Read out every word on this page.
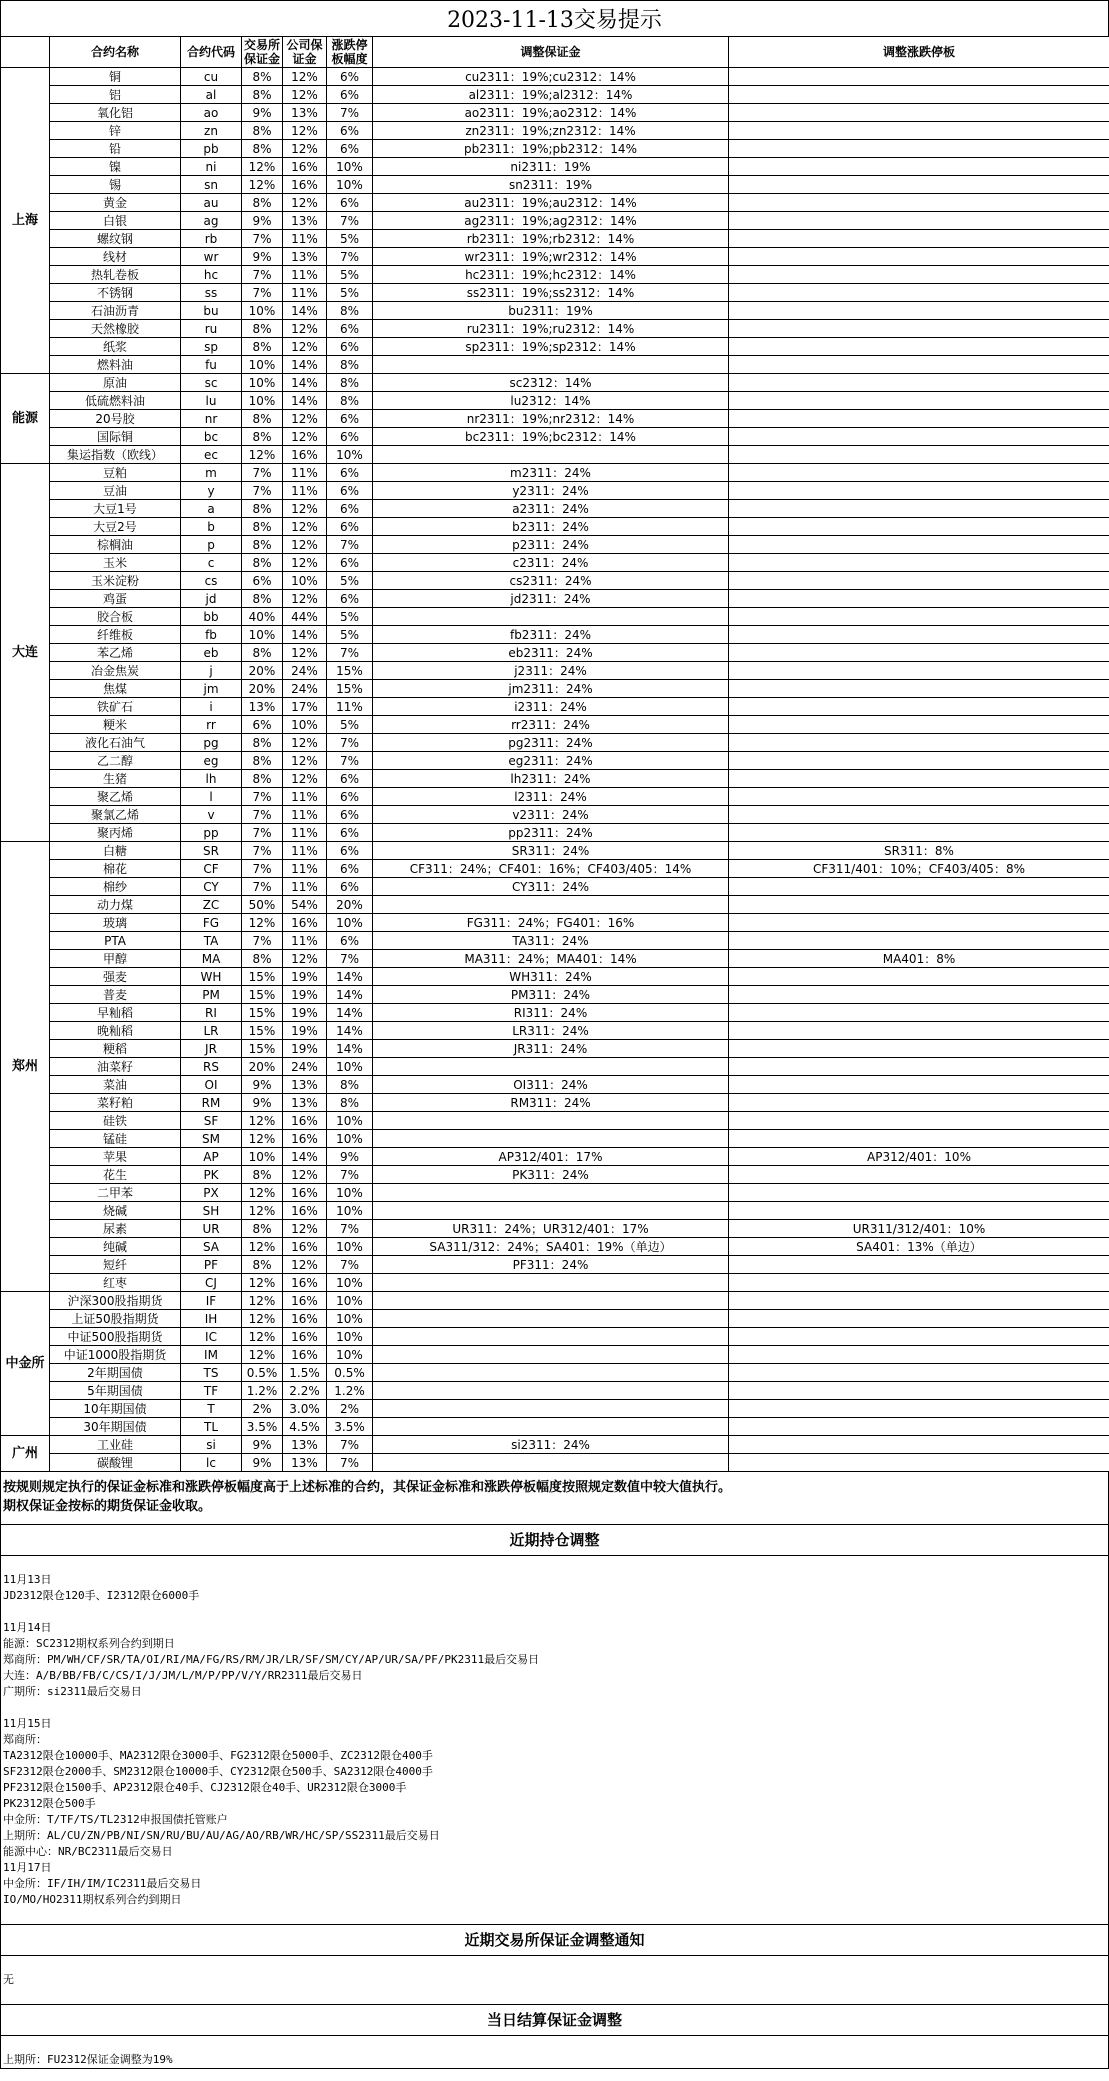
2023-11-13交易提示
	合约名称	合约代码	交易所保证金	公司保证金	涨跌停板幅度	调整保证金	调整涨跌停板
上海	铜	cu	8%	12%	6%	cu2311：19%;cu2312：14%	
	铝	al	8%	12%	6%	al2311：19%;al2312：14%	
	氧化铝	ao	9%	13%	7%	ao2311：19%;ao2312：14%	
	锌	zn	8%	12%	6%	zn2311：19%;zn2312：14%	
	铅	pb	8%	12%	6%	pb2311：19%;pb2312：14%	
	镍	ni	12%	16%	10%	ni2311：19%	
	锡	sn	12%	16%	10%	sn2311：19%	
	黄金	au	8%	12%	6%	au2311：19%;au2312：14%	
	白银	ag	9%	13%	7%	ag2311：19%;ag2312：14%	
	螺纹钢	rb	7%	11%	5%	rb2311：19%;rb2312：14%	
	线材	wr	9%	13%	7%	wr2311：19%;wr2312：14%	
	热轧卷板	hc	7%	11%	5%	hc2311：19%;hc2312：14%	
	不锈钢	ss	7%	11%	5%	ss2311：19%;ss2312：14%	
	石油沥青	bu	10%	14%	8%	bu2311：19%	
	天然橡胶	ru	8%	12%	6%	ru2311：19%;ru2312：14%	
	纸浆	sp	8%	12%	6%	sp2311：19%;sp2312：14%	
	燃料油	fu	10%	14%	8%		
能源	原油	sc	10%	14%	8%	sc2312：14%	
	低硫燃料油	lu	10%	14%	8%	lu2312：14%	
	20号胶	nr	8%	12%	6%	nr2311：19%;nr2312：14%	
	国际铜	bc	8%	12%	6%	bc2311：19%;bc2312：14%	
	集运指数（欧线）	ec	12%	16%	10%		
大连	豆粕	m	7%	11%	6%	m2311：24%	
	豆油	y	7%	11%	6%	y2311：24%	
	大豆1号	a	8%	12%	6%	a2311：24%	
	大豆2号	b	8%	12%	6%	b2311：24%	
	棕榈油	p	8%	12%	7%	p2311：24%	
	玉米	c	8%	12%	6%	c2311：24%	
	玉米淀粉	cs	6%	10%	5%	cs2311：24%	
	鸡蛋	jd	8%	12%	6%	jd2311：24%	
	胶合板	bb	40%	44%	5%		
	纤维板	fb	10%	14%	5%	fb2311：24%	
	苯乙烯	eb	8%	12%	7%	eb2311：24%	
	冶金焦炭	j	20%	24%	15%	j2311：24%	
	焦煤	jm	20%	24%	15%	jm2311：24%	
	铁矿石	i	13%	17%	11%	i2311：24%	
	粳米	rr	6%	10%	5%	rr2311：24%	
	液化石油气	pg	8%	12%	7%	pg2311：24%	
	乙二醇	eg	8%	12%	7%	eg2311：24%	
	生猪	lh	8%	12%	6%	lh2311：24%	
	聚乙烯	l	7%	11%	6%	l2311：24%	
	聚氯乙烯	v	7%	11%	6%	v2311：24%	
	聚丙烯	pp	7%	11%	6%	pp2311：24%	
郑州	白糖	SR	7%	11%	6%	SR311：24%	SR311：8%
	棉花	CF	7%	11%	6%	CF311：24%；CF401：16%；CF403/405：14%	CF311/401：10%；CF403/405：8%
	棉纱	CY	7%	11%	6%	CY311：24%	
	动力煤	ZC	50%	54%	20%		
	玻璃	FG	12%	16%	10%	FG311：24%；FG401：16%	
	PTA	TA	7%	11%	6%	TA311：24%	
	甲醇	MA	8%	12%	7%	MA311：24%；MA401：14%	MA401：8%
	强麦	WH	15%	19%	14%	WH311：24%	
	普麦	PM	15%	19%	14%	PM311：24%	
	早籼稻	RI	15%	19%	14%	RI311：24%	
	晚籼稻	LR	15%	19%	14%	LR311：24%	
	粳稻	JR	15%	19%	14%	JR311：24%	
	油菜籽	RS	20%	24%	10%		
	菜油	OI	9%	13%	8%	OI311：24%	
	菜籽粕	RM	9%	13%	8%	RM311：24%	
	硅铁	SF	12%	16%	10%		
	锰硅	SM	12%	16%	10%		
	苹果	AP	10%	14%	9%	AP312/401：17%	AP312/401：10%
	花生	PK	8%	12%	7%	PK311：24%	
	二甲苯	PX	12%	16%	10%		
	烧碱	SH	12%	16%	10%		
	尿素	UR	8%	12%	7%	UR311：24%；UR312/401：17%	UR311/312/401：10%
	纯碱	SA	12%	16%	10%	SA311/312：24%；SA401：19%（单边）	SA401：13%（单边）
	短纤	PF	8%	12%	7%	PF311：24%	
	红枣	CJ	12%	16%	10%		
中金所	沪深300股指期货	IF	12%	16%	10%		
	上证50股指期货	IH	12%	16%	10%		
	中证500股指期货	IC	12%	16%	10%		
	中证1000股指期货	IM	12%	16%	10%		
	2年期国债	TS	0.5%	1.5%	0.5%		
	5年期国债	TF	1.2%	2.2%	1.2%		
	10年期国债	T	2%	3.0%	2%		
	30年期国债	TL	3.5%	4.5%	3.5%		
广州	工业硅	si	9%	13%	7%	si2311：24%	
	碳酸锂	lc	9%	13%	7%		
按规则规定执行的保证金标准和涨跌停板幅度高于上述标准的合约，其保证金标准和涨跌停板幅度按照规定数值中较大值执行。
期权保证金按标的期货保证金收取。
近期持仓调整
11月13日
JD2312限仓120手、I2312限仓6000手
11月14日
能源：SC2312期权系列合约到期日
郑商所：PM/WH/CF/SR/TA/OI/RI/MA/FG/RS/RM/JR/LR/SF/SM/CY/AP/UR/SA/PF/PK2311最后交易日
大连：A/B/BB/FB/C/CS/I/J/JM/L/M/P/PP/V/Y/RR2311最后交易日
广期所：si2311最后交易日
11月15日
郑商所：
TA2312限仓10000手、MA2312限仓3000手、FG2312限仓5000手、ZC2312限仓400手
SF2312限仓2000手、SM2312限仓10000手、CY2312限仓500手、SA2312限仓4000手
PF2312限仓1500手、AP2312限仓40手、CJ2312限仓40手、UR2312限仓3000手
PK2312限仓500手
中金所：T/TF/TS/TL2312申报国债托管账户
上期所：AL/CU/ZN/PB/NI/SN/RU/BU/AU/AG/AO/RB/WR/HC/SP/SS2311最后交易日
能源中心：NR/BC2311最后交易日
11月17日
中金所：IF/IH/IM/IC2311最后交易日
IO/MO/HO2311期权系列合约到期日
近期交易所保证金调整通知
无
当日结算保证金调整
上期所：FU2312保证金调整为19%
